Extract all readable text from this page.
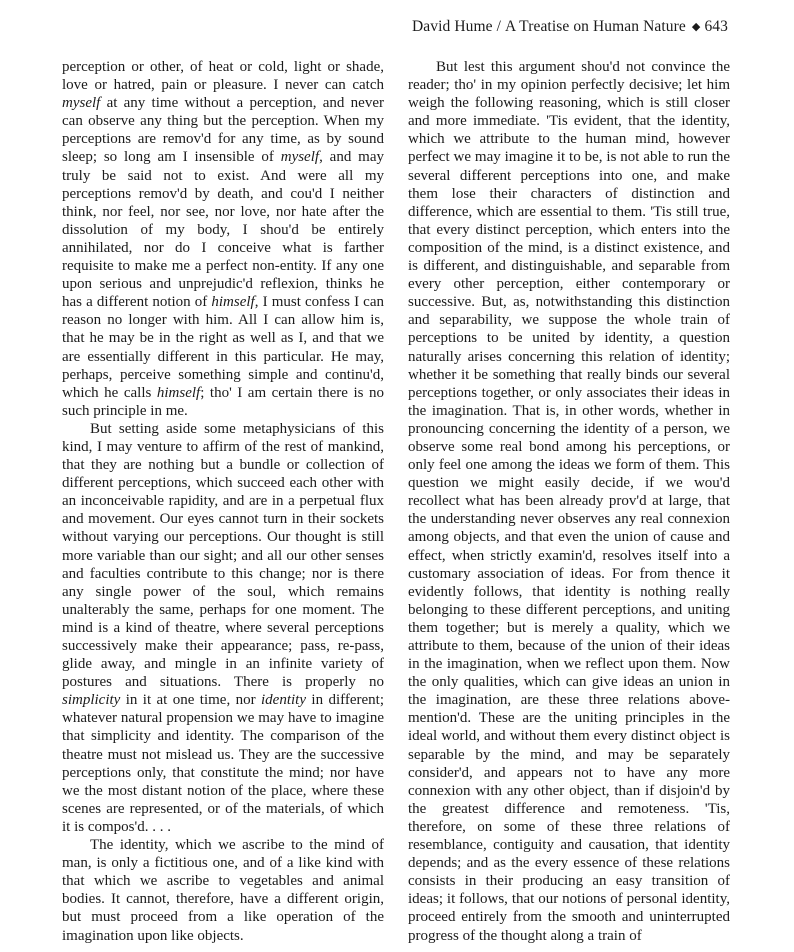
David Hume / A Treatise on Human Nature ◆ 643

perception or other, of heat or cold, light or shade, love or hatred, pain or pleasure. I never can catch myself at any time without a perception, and never can observe any thing but the perception. When my perceptions are remov'd for any time, as by sound sleep; so long am I insensible of myself, and may truly be said not to exist. And were all my perceptions remov'd by death, and cou'd I neither think, nor feel, nor see, nor love, nor hate after the dissolution of my body, I shou'd be entirely annihilated, nor do I conceive what is farther requisite to make me a perfect non-entity. If any one upon serious and unprejudic'd reflexion, thinks he has a different notion of himself, I must confess I can reason no longer with him. All I can allow him is, that he may be in the right as well as I, and that we are essentially different in this particular. He may, perhaps, perceive something simple and continu'd, which he calls himself; tho' I am certain there is no such principle in me.

But setting aside some metaphysicians of this kind, I may venture to affirm of the rest of mankind, that they are nothing but a bundle or collection of different perceptions, which succeed each other with an inconceivable rapidity, and are in a perpetual flux and movement. Our eyes cannot turn in their sockets without varying our perceptions. Our thought is still more variable than our sight; and all our other senses and faculties contribute to this change; nor is there any single power of the soul, which remains unalterably the same, perhaps for one moment. The mind is a kind of theatre, where several perceptions successively make their appearance; pass, re-pass, glide away, and mingle in an infinite variety of postures and situations. There is properly no simplicity in it at one time, nor identity in different; whatever natural propension we may have to imagine that simplicity and identity. The comparison of the theatre must not mislead us. They are the successive perceptions only, that constitute the mind; nor have we the most distant notion of the place, where these scenes are represented, or of the materials, of which it is compos'd. . . .

The identity, which we ascribe to the mind of man, is only a fictitious one, and of a like kind with that which we ascribe to vegetables and animal bodies. It cannot, therefore, have a different origin, but must proceed from a like operation of the imagination upon like objects.

But lest this argument shou'd not convince the reader; tho' in my opinion perfectly decisive; let him weigh the following reasoning, which is still closer and more immediate. 'Tis evident, that the identity, which we attribute to the human mind, however perfect we may imagine it to be, is not able to run the several different perceptions into one, and make them lose their characters of distinction and difference, which are essential to them. 'Tis still true, that every distinct perception, which enters into the composition of the mind, is a distinct existence, and is different, and distinguishable, and separable from every other perception, either contemporary or successive. But, as, notwithstanding this distinction and separability, we suppose the whole train of perceptions to be united by identity, a question naturally arises concerning this relation of identity; whether it be something that really binds our several perceptions together, or only associates their ideas in the imagination. That is, in other words, whether in pronouncing concerning the identity of a person, we observe some real bond among his perceptions, or only feel one among the ideas we form of them. This question we might easily decide, if we wou'd recollect what has been already prov'd at large, that the understanding never observes any real connexion among objects, and that even the union of cause and effect, when strictly examin'd, resolves itself into a customary association of ideas. For from thence it evidently follows, that identity is nothing really belonging to these different perceptions, and uniting them together; but is merely a quality, which we attribute to them, because of the union of their ideas in the imagination, when we reflect upon them. Now the only qualities, which can give ideas an union in the imagination, are these three relations above-mention'd. These are the uniting principles in the ideal world, and without them every distinct object is separable by the mind, and may be separately consider'd, and appears not to have any more connexion with any other object, than if disjoin'd by the greatest difference and remoteness. 'Tis, therefore, on some of these three relations of resemblance, contiguity and causation, that identity depends; and as the every essence of these relations consists in their producing an easy transition of ideas; it follows, that our notions of personal identity, proceed entirely from the smooth and uninterrupted progress of the thought along a train of
